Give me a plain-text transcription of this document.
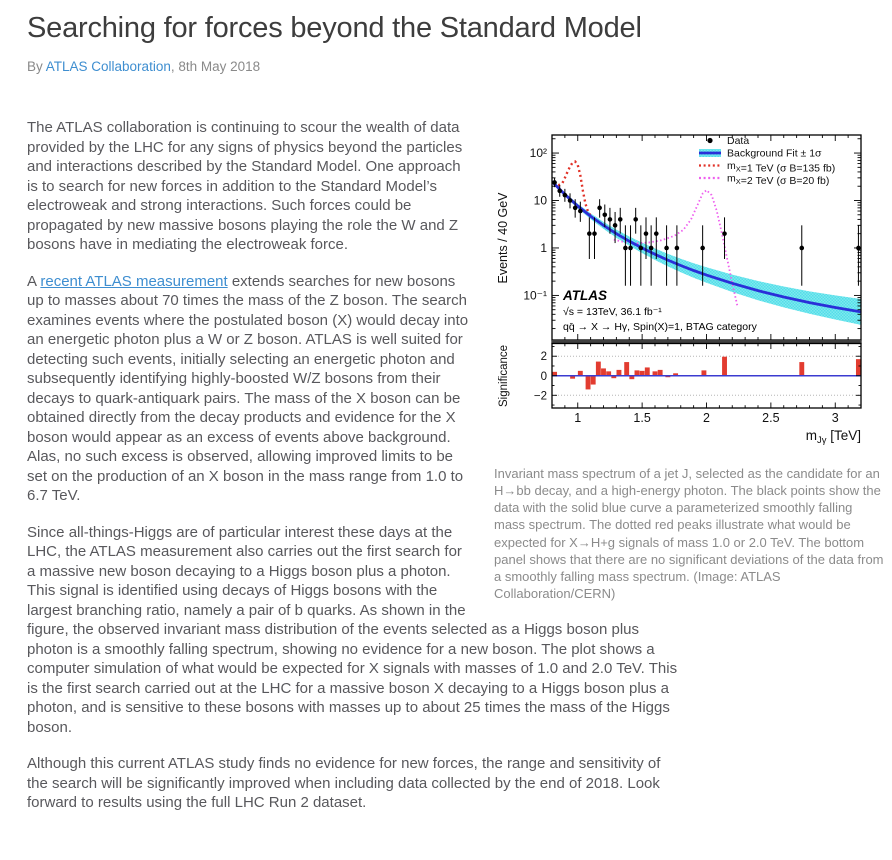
Searching for forces beyond the Standard Model
By ATLAS Collaboration, 8th May 2018
10²
10
1
10⁻¹
Events / 40 GeV
Data
Background Fit ± 1σ
$m_X=1$ TeV (σ B=135 fb)
$m_X=2$ TeV (σ B=20 fb)
ATLAS
√s = 13TeV, 36.1 fb⁻¹
qq̄ → X → Hγ, Spin(X)=1, BTAG category
−2
0
2
Significance
1	1.5	2	2.5	3
$m_{J\gamma}$ [TeV]
Invariant mass spectrum of a jet J, selected as the candidate for an H→bb decay, and a high-energy photon. The black points show the data with the solid blue curve a parameterized smoothly falling mass spectrum. The dotted red peaks illustrate what would be expected for X→H+g signals of mass 1.0 or 2.0 TeV. The bottom panel shows that there are no significant deviations of the data from a smoothly falling mass spectrum. (Image: ATLAS Collaboration/CERN)

The ATLAS collaboration is continuing to scour the wealth of data provided by the LHC for any signs of physics beyond the particles and interactions described by the Standard Model. One approach is to search for new forces in addition to the Standard Model’s electroweak and strong interactions. Such forces could be propagated by new massive bosons playing the role the W and Z bosons have in mediating the electroweak force.

A recent ATLAS measurement extends searches for new bosons up to masses about 70 times the mass of the Z boson. The search examines events where the postulated boson (X) would decay into an energetic photon plus a W or Z boson. ATLAS is well suited for detecting such events, initially selecting an energetic photon and subsequently identifying highly-boosted W/Z bosons from their decays to quark-antiquark pairs. The mass of the X boson can be obtained directly from the decay products and evidence for the X boson would appear as an excess of events above background. Alas, no such excess is observed, allowing improved limits to be set on the production of an X boson in the mass range from 1.0 to 6.7 TeV.

Since all-things-Higgs are of particular interest these days at the LHC, the ATLAS measurement also carries out the first search for a massive new boson decaying to a Higgs boson plus a photon. This signal is identified using decays of Higgs bosons with the largest branching ratio, namely a pair of b quarks. As shown in the figure, the observed invariant mass distribution of the events selected as a Higgs boson plus photon is a smoothly falling spectrum, showing no evidence for a new boson. The plot shows a computer simulation of what would be expected for X signals with masses of 1.0 and 2.0 TeV. This is the first search carried out at the LHC for a massive boson X decaying to a Higgs boson plus a photon, and is sensitive to these bosons with masses up to about 25 times the mass of the Higgs boson.

Although this current ATLAS study finds no evidence for new forces, the range and sensitivity of the search will be significantly improved when including data collected by the end of 2018. Look forward to results using the full LHC Run 2 dataset.
